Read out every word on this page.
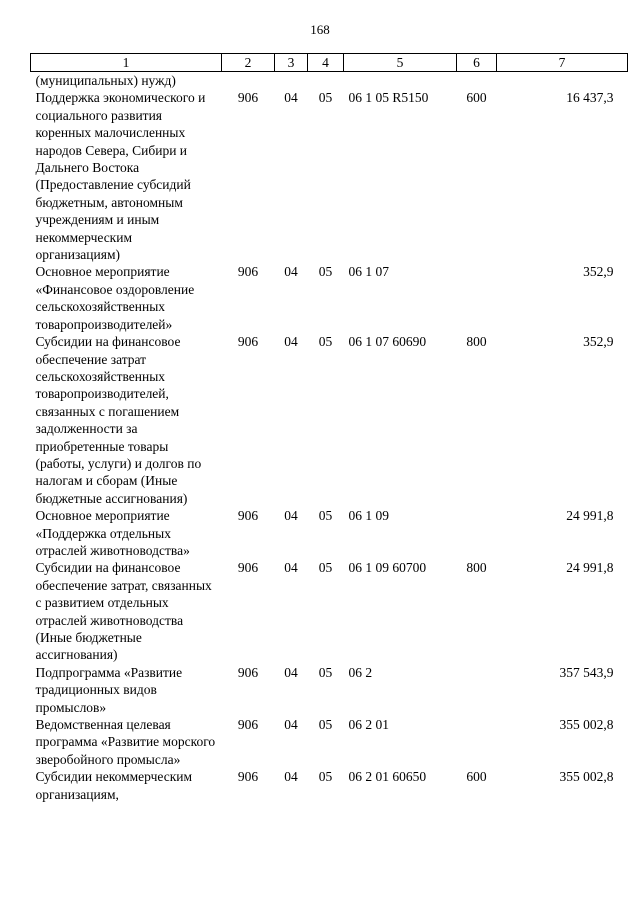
168
1	2	3	4	5	6	7
(муниципальных) нужд)						
Поддержка экономического и социального развития коренных малочисленных народов Севера, Сибири и Дальнего Востока (Предоставление субсидий бюджетным, автономным учреждениям и иным некоммерческим организациям)	906	04	05	06 1 05 R5150	600	16 437,3
Основное мероприятие «Финансовое оздоровление сельскохозяйственных товаропроизводителей»	906	04	05	06 1 07		352,9
Субсидии на финансовое обеспечение затрат сельскохозяйственных товаропроизводителей, связанных с погашением задолженности за приобретенные товары (работы, услуги) и долгов по налогам и сборам (Иные бюджетные ассигнования)	906	04	05	06 1 07 60690	800	352,9
Основное мероприятие «Поддержка отдельных отраслей животноводства»	906	04	05	06 1 09		24 991,8
Субсидии на финансовое обеспечение затрат, связанных с развитием отдельных отраслей животноводства (Иные бюджетные ассигнования)	906	04	05	06 1 09 60700	800	24 991,8
Подпрограмма «Развитие традиционных видов промыслов»	906	04	05	06 2		357 543,9
Ведомственная целевая программа «Развитие морского зверобойного промысла»	906	04	05	06 2 01		355 002,8
Субсидии некоммерческим организациям,	906	04	05	06 2 01 60650	600	355 002,8
